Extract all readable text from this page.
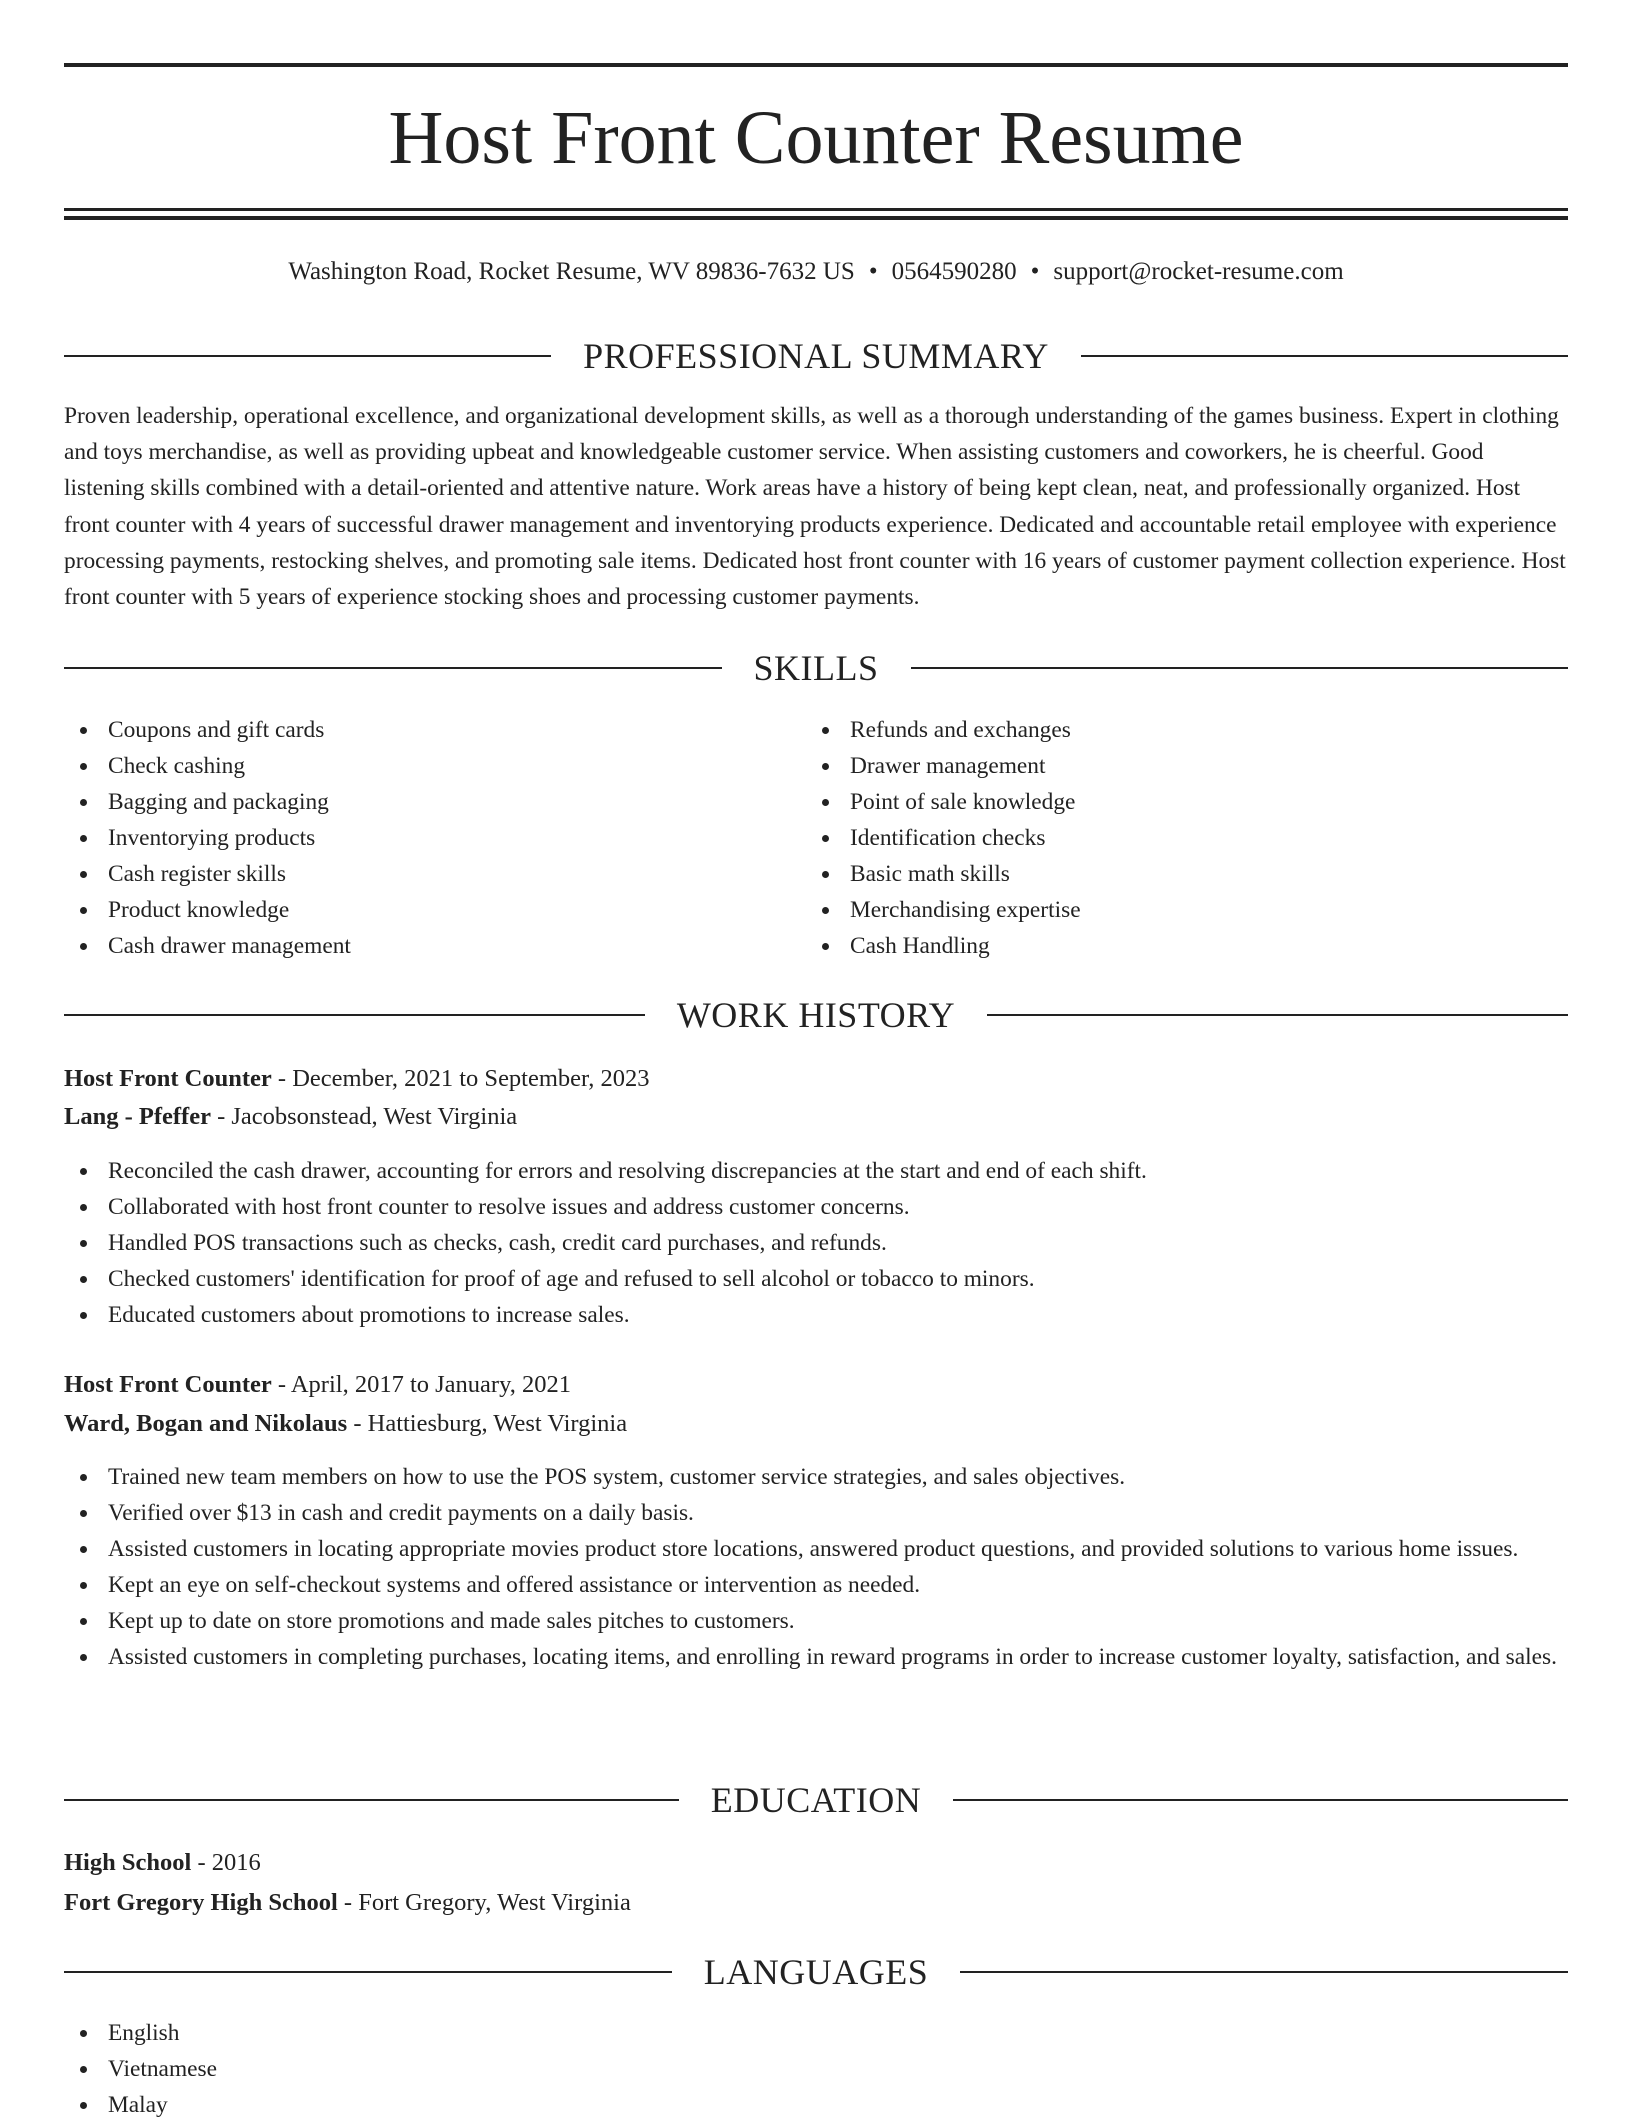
Host Front Counter Resume
Washington Road, Rocket Resume, WV 89836-7632 US • 0564590280 • support@rocket-resume.com
PROFESSIONAL SUMMARY

Proven leadership, operational excellence, and organizational development skills, as well as a thorough understanding of the games business. Expert in clothing and toys merchandise, as well as providing upbeat and knowledgeable customer service. When assisting customers and coworkers, he is cheerful. Good listening skills combined with a detail-oriented and attentive nature. Work areas have a history of being kept clean, neat, and professionally organized. Host front counter with 4 years of successful drawer management and inventorying products experience. Dedicated and accountable retail employee with experience processing payments, restocking shelves, and promoting sale items. Dedicated host front counter with 16 years of customer payment collection experience. Host front counter with 5 years of experience stocking shoes and processing customer payments.

SKILLS
Coupons and gift cards
Check cashing
Bagging and packaging
Inventorying products
Cash register skills
Product knowledge
Cash drawer management
Refunds and exchanges
Drawer management
Point of sale knowledge
Identification checks
Basic math skills
Merchandising expertise
Cash Handling
WORK HISTORY
Host Front Counter - December, 2021 to September, 2023
Lang - Pfeffer - Jacobsonstead, West Virginia
Reconciled the cash drawer, accounting for errors and resolving discrepancies at the start and end of each shift.
Collaborated with host front counter to resolve issues and address customer concerns.
Handled POS transactions such as checks, cash, credit card purchases, and refunds.
Checked customers' identification for proof of age and refused to sell alcohol or tobacco to minors.
Educated customers about promotions to increase sales.
Host Front Counter - April, 2017 to January, 2021
Ward, Bogan and Nikolaus - Hattiesburg, West Virginia
Trained new team members on how to use the POS system, customer service strategies, and sales objectives.
Verified over $13 in cash and credit payments on a daily basis.
Assisted customers in locating appropriate movies product store locations, answered product questions, and provided solutions to various home issues.
Kept an eye on self-checkout systems and offered assistance or intervention as needed.
Kept up to date on store promotions and made sales pitches to customers.
Assisted customers in completing purchases, locating items, and enrolling in reward programs in order to increase customer loyalty, satisfaction, and sales.
EDUCATION
High School - 2016
Fort Gregory High School - Fort Gregory, West Virginia
LANGUAGES
English
Vietnamese
Malay
